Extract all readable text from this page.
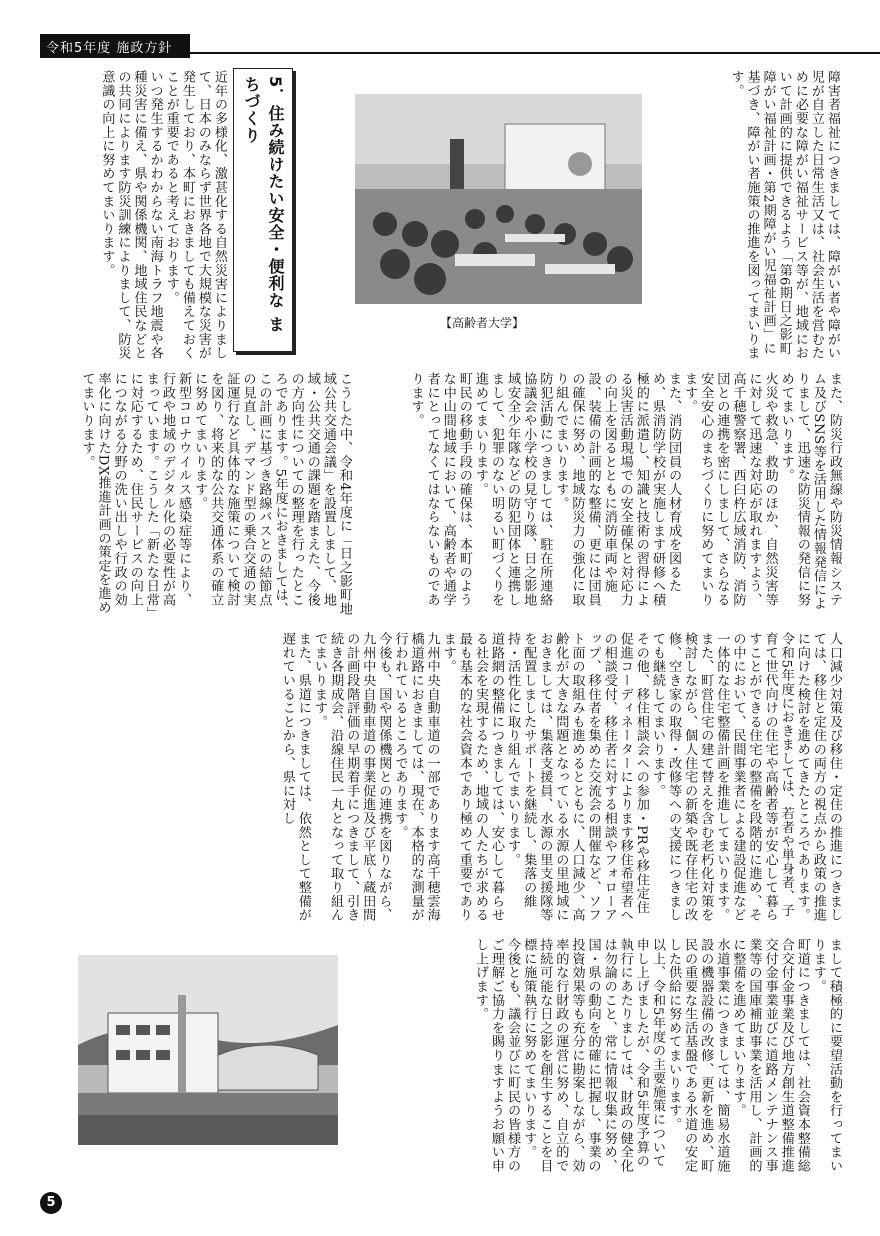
令和5年度 施政方針
障害者福祉につきましては、障がい者や障がい児が自立した日常生活又は、社会生活を営むために必要な障がい福祉サービス等が、地域において計画的に提供できるよう「第6期日之影町障がい福祉計画・第2期障がい児福祉計画」に基づき、障がい者施策の推進を図ってまいります。
【高齢者大学】
5．住み続けたい安全・便利な まちづくり
近年の多様化、激甚化する自然災害によりまして、日本のみならず世界各地で大規模な災害が発生しており、本町におきましても備えておくことが重要であると考えております。
いつ発生するかわからない南海トラフ地震や各種災害に備え、県や関係機関、地域住民などとの共同によります防災訓練によりまして、防災意識の向上に努めてまいります。
また、防災行政無線や防災情報システム及びSNS等を活用した情報発信によりまして、迅速な防災情報の発信に努めてまいります。
火災や救急、救助のほか、自然災害等に対して迅速な対応が取れますよう、高千穂警察署、西臼杵広域消防、消防団との連携を密にしまして、さらなる安全安心のまちづくりに努めてまいります。
また、消防団員の人材育成を図るため、県消防学校が実施します研修へ積極的に派遣し、知識と技術の習得による災害活動現場での安全確保と対応力の向上を図るとともに消防車両や施設、装備の計画的な整備、更には団員の確保に努め、地域防災力の強化に取り組んでまいります。
防犯活動につきましては、駐在所連絡協議会や小学校の見守り隊、日之影地域安全少年隊などの防犯団体と連携しまして、犯罪のない明るい町づくりを進めてまいります。
町民の移動手段の確保は、本町のような中山間地域において、高齢者や通学者にとってなくてはならないものであります。
こうした中、令和4年度に「日之影町地域公共交通会議」を設置しまして、地域・公共交通の課題を踏まえた、今後の方向性についての整理を行ったところであります。5年度におきましては、この計画に基づき路線バスとの結節点の見直し、デマンド型の乗合交通の実証運行など具体的な施策について検討を図り、将来的な公共交通体系の確立に努めてまいります。
新型コロナウイルス感染症等により、行政や地域のデジタル化の必要性が高まっています。こうした「新たな日常」に対応するため、住民サービスの向上につながる分野の洗い出しや行政の効率化に向けたDX推進計画の策定を進めてまいります。
人口減少対策及び移住・定住の推進につきましては、移住と定住の両方の視点から政策の推進に向けた検討を進めてきたところであります。
令和5年度におきましては、若者や単身者、子育て世代向けの住宅や高齢者等が安心して暮らすことができる住宅の整備を段階的に進め、その中において、民間事業者による建設促進など一体的な住宅整備計画を推進してまいります。
また、町営住宅の建て替えを含む老朽化対策を検討しながら、個人住宅の新築や既存住宅の改修、空き家の取得・改修等への支援につきましても継続してまいります。
その他、移住相談会への参加・PRや移住定住促進コーディネーターによります移住希望者への相談受付、移住者に対する相談やフォローアップ、移住者を集めた交流会の開催など、ソフト面の取組みも進めるとともに、人口減少、高齢化が大きな問題となっている水源の里地域におきましては、集落支援員、水源の里支援隊等を配置しましたサポートを継続し、集落の維持・活性化に取り組んでまいります。
道路網の整備につきましては、安心して暮らせる社会を実現するため、地域の人たちが求める最も基本的な社会資本であり極めて重要であります。
九州中央自動車道の一部であります高千穂雲海橋道路におきましては、現在、本格的な測量が行われているところであります。
今後も、国や関係機関との連携を図りながら、九州中央自動車道の事業促進及び平底～蔵田間の計画段階評価の早期着手につきまして、引き続き各期成会、沿線住民一丸となって取り組んでまいります。
また、県道につきましては、依然として整備が遅れていることから、県に対し
まして積極的に要望活動を行ってまいります。
町道につきましては、社会資本整備総合交付金事業及び地方創生道整備推進交付金事業並びに道路メンテナンス事業等の国庫補助事業を活用し、計画的に整備を進めてまいります。
水道事業につきましては、簡易水道施設の機器設備の改修、更新を進め、町民の重要な生活基盤である水道の安定した供給に努めてまいります。
以上、令和5年度の主要施策について申し上げましたが、令和5年度予算の執行にあたりましては、財政の健全化は勿論のこと、常に情報収集に努め、国・県の動向を的確に把握し、事業の投資効果等も充分に勘案しながら、効率的な行財政の運営に努め、自立的で持続可能な日之影を創生することを目標に施策執行に努めてまいります。
今後とも、議会並びに町民の皆様方のご理解ご協力を賜りますようお願い申し上げます。
5
